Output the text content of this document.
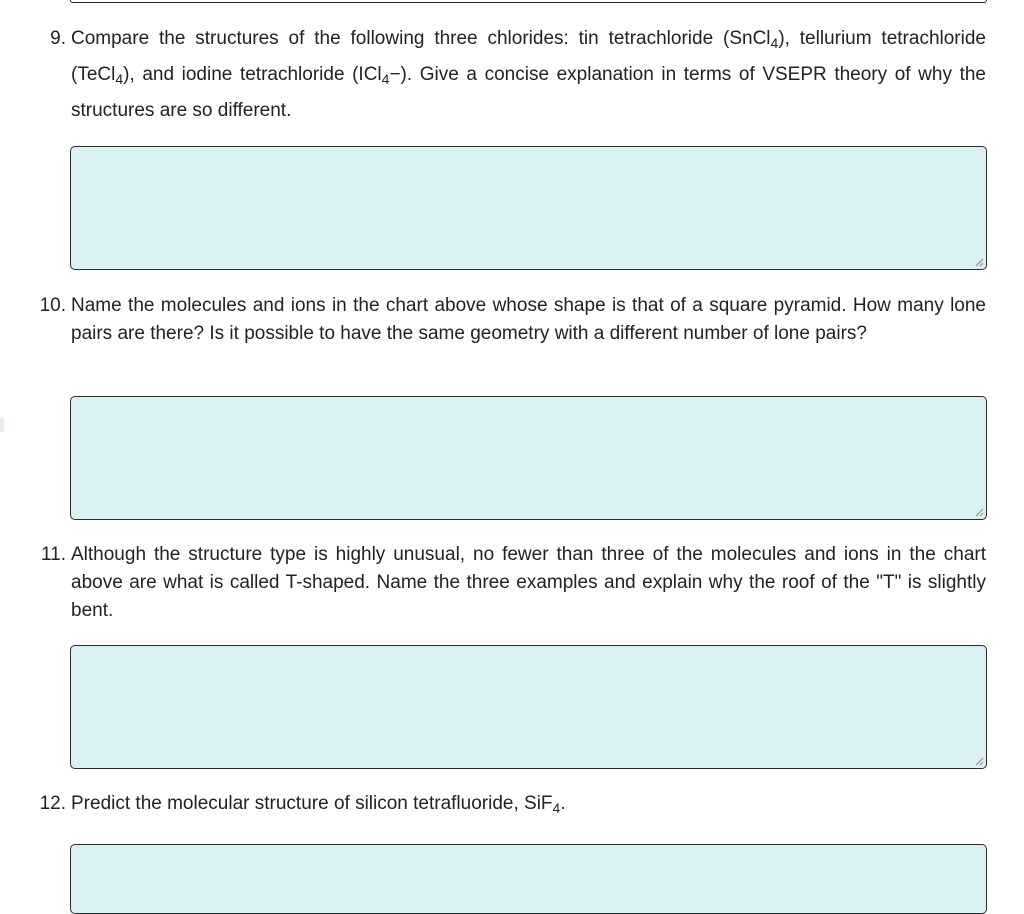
9. Compare the structures of the following three chlorides: tin tetrachloride (SnCl$_4$), tellurium tetrachloride (TeCl$_4$), and iodine tetrachloride (ICl$_4$−). Give a concise explanation in terms of VSEPR theory of why the structures are so different.
10. Name the molecules and ions in the chart above whose shape is that of a square pyramid. How many lone pairs are there? Is it possible to have the same geometry with a different number of lone pairs?
11. Although the structure type is highly unusual, no fewer than three of the molecules and ions in the chart above are what is called T-shaped. Name the three examples and explain why the roof of the "T" is slightly bent.
12. Predict the molecular structure of silicon tetrafluoride, SiF$_4$.
